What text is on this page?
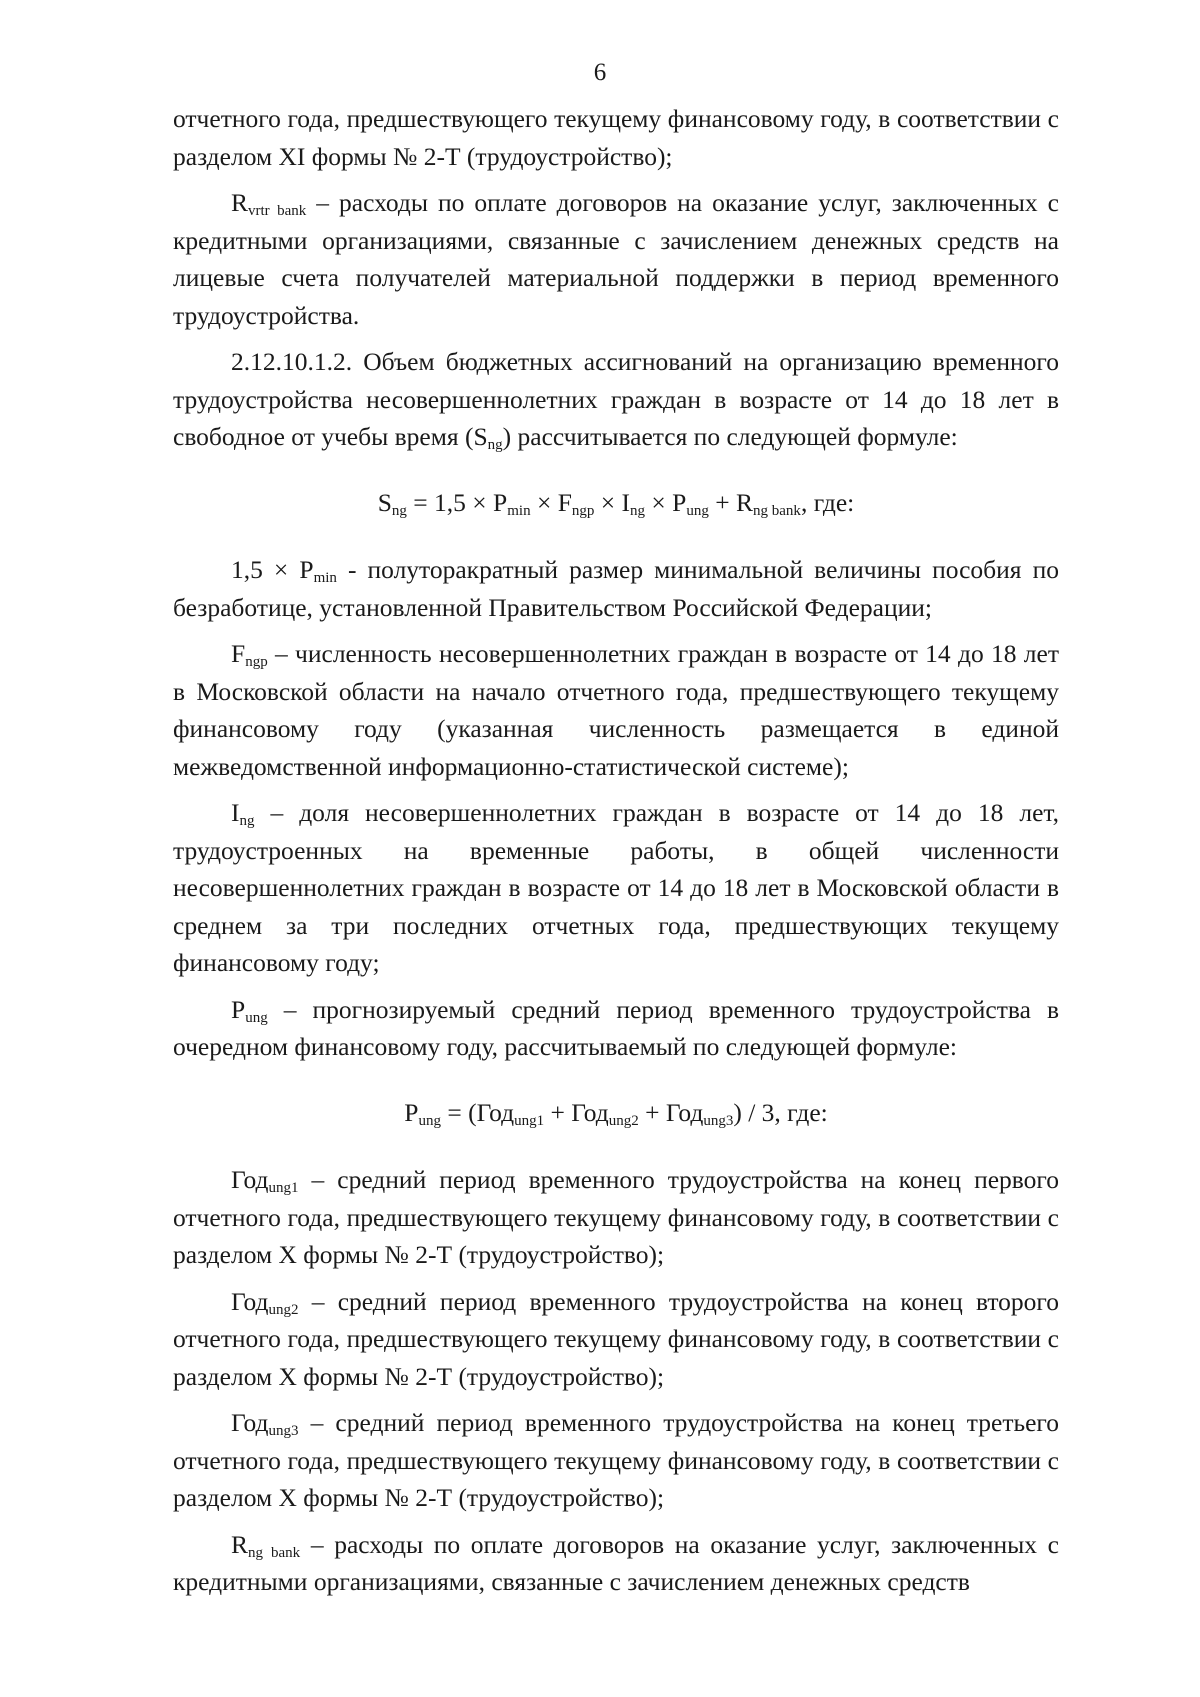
6

отчетного года, предшествующего текущему финансовому году, в соответствии с разделом XI формы № 2-Т (трудоустройство);

$R_{vrtr bank}$ – расходы по оплате договоров на оказание услуг, заключенных с кредитными организациями, связанные с зачислением денежных средств на лицевые счета получателей материальной поддержки в период временного трудоустройства.

2.12.10.1.2. Объем бюджетных ассигнований на организацию временного трудоустройства несовершеннолетних граждан в возрасте от 14 до 18 лет в свободное от учебы время $(S_{ng})$ рассчитывается по следующей формуле:

$S_{ng} = 1,5 \times P_{min} \times F_{ngp} \times I_{ng} \times P_{ung} + R_{ng bank}$, где:

$1,5 \times P_{min}$ - полуторакратный размер минимальной величины пособия по безработице, установленной Правительством Российской Федерации;

$F_{ngp}$ – численность несовершеннолетних граждан в возрасте от 14 до 18 лет в Московской области на начало отчетного года, предшествующего текущему финансовому году (указанная численность размещается в единой межведомственной информационно-статистической системе);

$I_{ng}$ – доля несовершеннолетних граждан в возрасте от 14 до 18 лет, трудоустроенных на временные работы, в общей численности несовершеннолетних граждан в возрасте от 14 до 18 лет в Московской области в среднем за три последних отчетных года, предшествующих текущему финансовому году;

$P_{ung}$ – прогнозируемый средний период временного трудоустройства в очередном финансовому году, рассчитываемый по следующей формуле:

$P_{ung} = (Год_{ung1} + Год_{ung2} + Год_{ung3}) / 3$, где:

Год$_{ung1}$ – средний период временного трудоустройства на конец первого отчетного года, предшествующего текущему финансовому году, в соответствии с разделом X формы № 2-Т (трудоустройство);

Год$_{ung2}$ – средний период временного трудоустройства на конец второго отчетного года, предшествующего текущему финансовому году, в соответствии с разделом X формы № 2-Т (трудоустройство);

Год$_{ung3}$ – средний период временного трудоустройства на конец третьего отчетного года, предшествующего текущему финансовому году, в соответствии с разделом X формы № 2-Т (трудоустройство);

$R_{ng bank}$ – расходы по оплате договоров на оказание услуг, заключенных с кредитными организациями, связанные с зачислением денежных средств
